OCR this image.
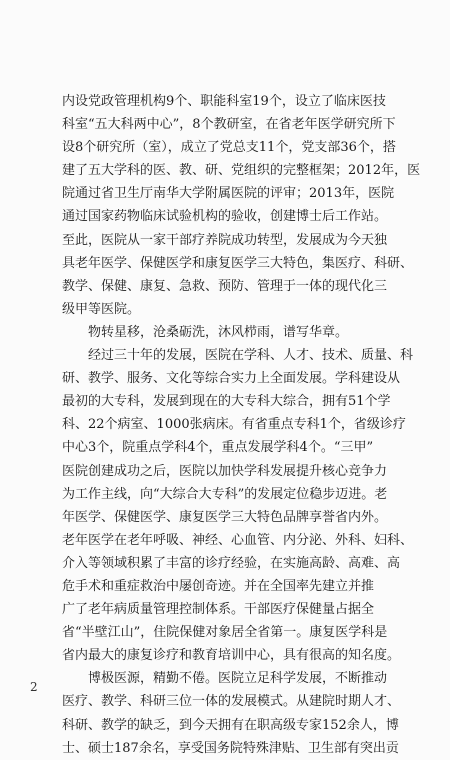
内设党政管理机构9个、职能科室19个，设立了临床医技
科室“五大科两中心”，8个教研室，在省老年医学研究所下
设8个研究所（室），成立了党总支11个，党支部36个，搭
建了五大学科的医、教、研、党组织的完整框架；2012年，医
院通过省卫生厅南华大学附属医院的评审；2013年，医院
通过国家药物临床试验机构的验收，创建博士后工作站。
至此，医院从一家干部疗养院成功转型，发展成为今天独
具老年医学、保健医学和康复医学三大特色，集医疗、科研、
教学、保健、康复、急救、预防、管理于一体的现代化三
级甲等医院。
物转星移，沧桑砺洗，沐风栉雨，谱写华章。
经过三十年的发展，医院在学科、人才、技术、质量、科
研、教学、服务、文化等综合实力上全面发展。学科建设从
最初的大专科，发展到现在的大专科大综合，拥有51个学
科、22个病室、1000张病床。有省重点专科1个，省级诊疗
中心3个，院重点学科4个，重点发展学科4个。“三甲”
医院创建成功之后，医院以加快学科发展提升核心竞争力
为工作主线，向“大综合大专科”的发展定位稳步迈进。老
年医学、保健医学、康复医学三大特色品牌享誉省内外。
老年医学在老年呼吸、神经、心血管、内分泌、外科、妇科、
介入等领域积累了丰富的诊疗经验，在实施高龄、高难、高
危手术和重症救治中屡创奇迹。并在全国率先建立并推
广了老年病质量管理控制体系。干部医疗保健量占据全
省“半壁江山”，住院保健对象居全省第一。康复医学科是
省内最大的康复诊疗和教育培训中心，具有很高的知名度。
博极医源，精勤不倦。医院立足科学发展，不断推动
医疗、教学、科研三位一体的发展模式。从建院时期人才、
科研、教学的缺乏，到今天拥有在职高级专家152余人，博
士、硕士187余名，享受国务院特殊津贴、卫生部有突出贡
2
